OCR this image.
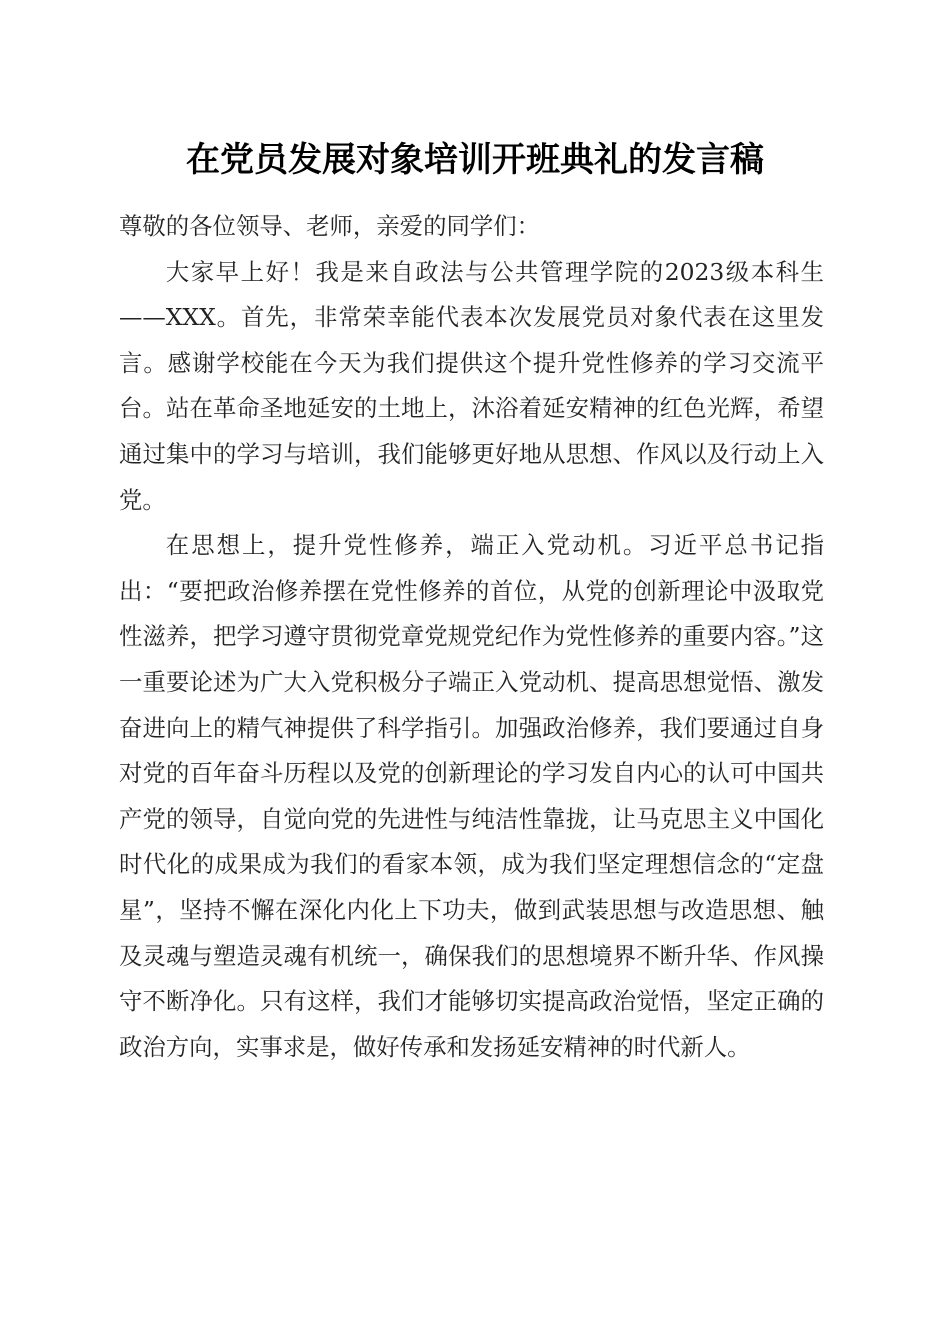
在党员发展对象培训开班典礼的发言稿

尊敬的各位领导、老师，亲爱的同学们：

大家早上好！我是来自政法与公共管理学院的2023级本科生——XXX。首先，非常荣幸能代表本次发展党员对象代表在这里发言。感谢学校能在今天为我们提供这个提升党性修养的学习交流平台。站在革命圣地延安的土地上，沐浴着延安精神的红色光辉，希望通过集中的学习与培训，我们能够更好地从思想、作风以及行动上入党。

在思想上，提升党性修养，端正入党动机。习近平总书记指出：“要把政治修养摆在党性修养的首位，从党的创新理论中汲取党性滋养，把学习遵守贯彻党章党规党纪作为党性修养的重要内容。”这一重要论述为广大入党积极分子端正入党动机、提高思想觉悟、激发奋进向上的精气神提供了科学指引。加强政治修养，我们要通过自身对党的百年奋斗历程以及党的创新理论的学习发自内心的认可中国共产党的领导，自觉向党的先进性与纯洁性靠拢，让马克思主义中国化时代化的成果成为我们的看家本领，成为我们坚定理想信念的“定盘星”，坚持不懈在深化内化上下功夫，做到武装思想与改造思想、触及灵魂与塑造灵魂有机统一，确保我们的思想境界不断升华、作风操守不断净化。只有这样，我们才能够切实提高政治觉悟，坚定正确的政治方向，实事求是，做好传承和发扬延安精神的时代新人。
